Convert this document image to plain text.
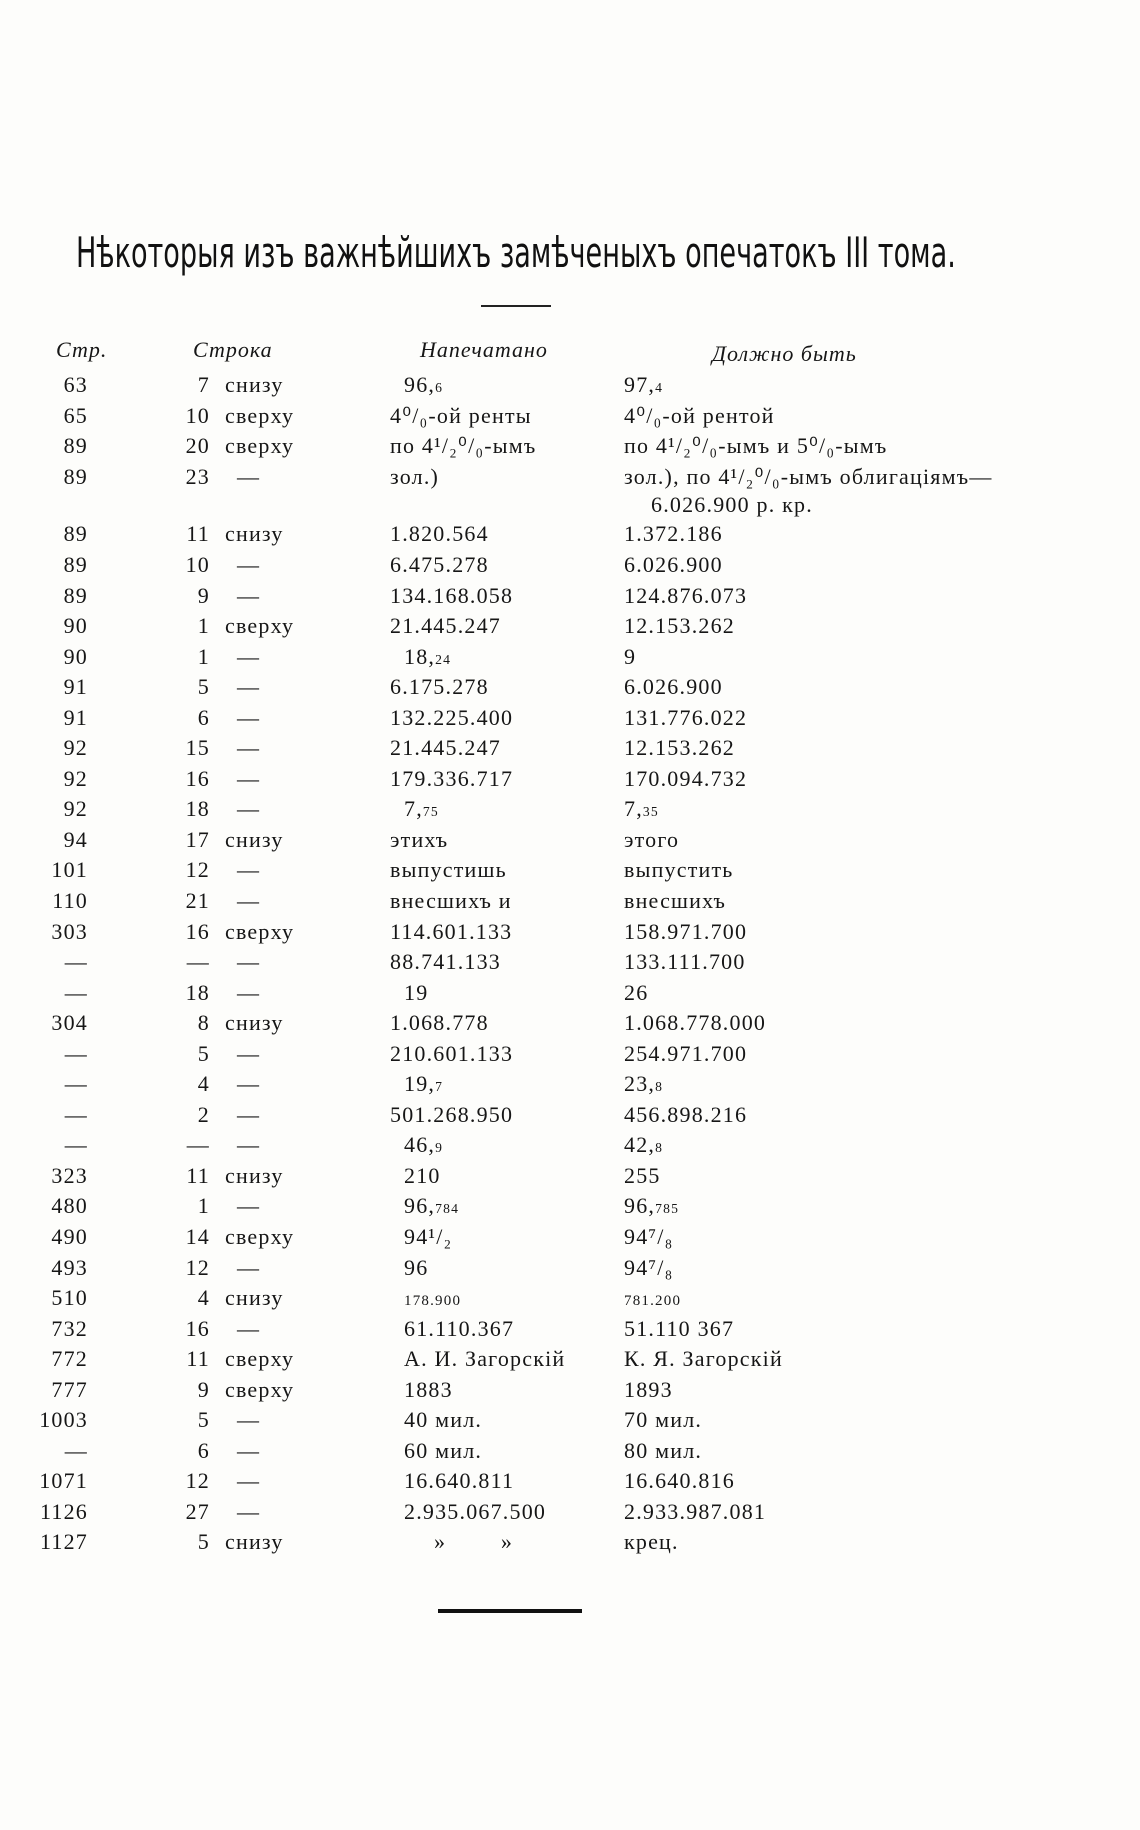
Нѣкоторыя изъ важнѣйшихъ замѣченыхъ опечатокъ III тома.
Стр.	Строка	Напечатано	Должно быть
63	7 снизу	96,6	97,4
65	10 сверху	4⁰/₀-ой ренты	4⁰/₀-ой рентой
89	20 сверху	по 4¹/₂⁰/₀-ымъ	по 4¹/₂⁰/₀-ымъ и 5⁰/₀-ымъ
89	23 —	зол.)	зол.), по 4¹/₂⁰/₀-ымъ облигаціямъ—
6.026.900 р. кр.
89	11 снизу	1.820.564	1.372.186
89	10 —	6.475.278	6.026.900
89	9 —	134.168.058	124.876.073
90	1 сверху	21.445.247	12.153.262
90	1 —	18,24	9
91	5 —	6.175.278	6.026.900
91	6 —	132.225.400	131.776.022
92	15 —	21.445.247	12.153.262
92	16 —	179.336.717	170.094.732
92	18 —	7,75	7,35
94	17 снизу	этихъ	этого
101	12 —	выпустишь	выпустить
110	21 —	внесшихъ и	внесшихъ
303	16 сверху	114.601.133	158.971.700
—	— —	88.741.133	133.111.700
—	18 —	19	26
304	8 снизу	1.068.778	1.068.778.000
—	5 —	210.601.133	254.971.700
—	4 —	19,7	23,8
—	2 —	501.268.950	456.898.216
—	— —	46,9	42,8
323	11 снизу	210	255
480	1 —	96,784	96,785
490	14 сверху	94¹/₂	94⁷/₈
493	12 —	96	94⁷/₈
510	4 снизу	178.900	781.200
732	16 —	61.110.367	51.110 367
772	11 сверху	А. И. Загорскій	К. Я. Загорскій
777	9 сверху	1883	1893
1003	5 —	40 мил.	70 мил.
—	6 —	60 мил.	80 мил.
1071	12 —	16.640.811	16.640.816
1126	27 —	2.935.067.500	2.933.987.081
1127	5 снизу	» »	крец.
